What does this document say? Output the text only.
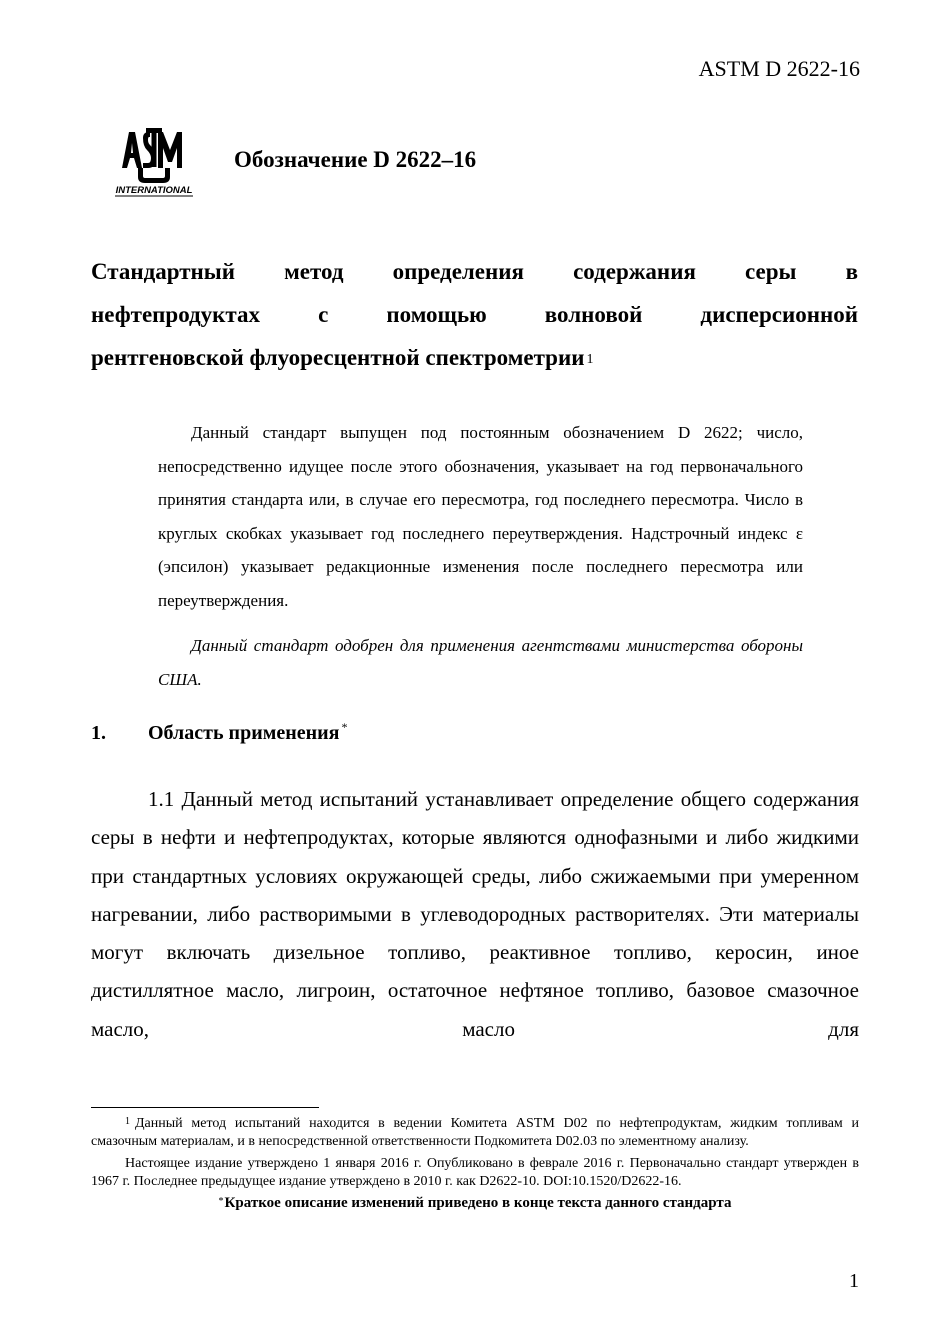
ASTM D 2622-16
INTERNATIONAL
Обозначение D 2622–16
Стандартный метод определения содержания серы в
нефтепродуктах с помощью волновой дисперсионной
рентгеновской флуоресцентной спектрометрии $^1$

Данный стандарт выпущен под постоянным обозначением D 2622; число, непосредственно идущее после этого обозначения, указывает на год первоначального принятия стандарта или, в случае его пересмотра, год последнего пересмотра. Число в круглых скобках указывает год последнего переутверждения. Надстрочный индекс ε (эпсилон) указывает редакционные изменения после последнего пересмотра или переутверждения.

Данный стандарт одобрен для применения агентствами министерства обороны США.

1. Область применения *

1.1 Данный метод испытаний устанавливает определение общего содержания серы в нефти и нефтепродуктах, которые являются однофазными и либо жидкими при стандартных условиях окружающей среды, либо сжижаемыми при умеренном нагревании, либо растворимыми в углеводородных растворителях. Эти материалы могут включать дизельное топливо, реактивное топливо, керосин, иное дистиллятное масло, лигроин, остаточное нефтяное топливо, базовое смазочное масло, масло для

$^1$ Данный метод испытаний находится в ведении Комитета ASTM D02 по нефтепродуктам, жидким топливам и смазочным материалам, и в непосредственной ответственности Подкомитета D02.03 по элементному анализу.

Настоящее издание утверждено 1 января 2016 г. Опубликовано в феврале 2016 г. Первоначально стандарт утвержден в 1967 г. Последнее предыдущее издание утверждено в 2010 г. как D2622-10. DOI:10.1520/D2622-16.

*Краткое описание изменений приведено в конце текста данного стандарта

1
